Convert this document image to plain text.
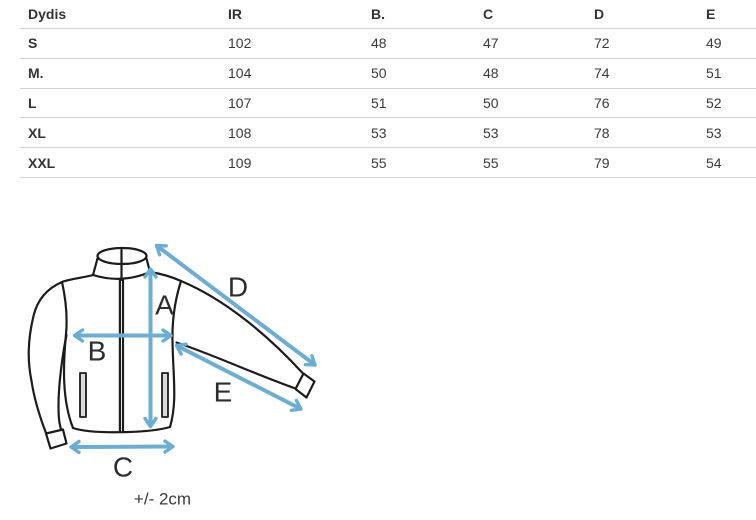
Dydis	IR	B.	C	D	E
S	102	48	47	72	49
M.	104	50	48	74	51
L	107	51	50	76	52
XL	108	53	53	78	53
XXL	109	55	55	79	54
A
B
C
D
E
+/- 2cm
